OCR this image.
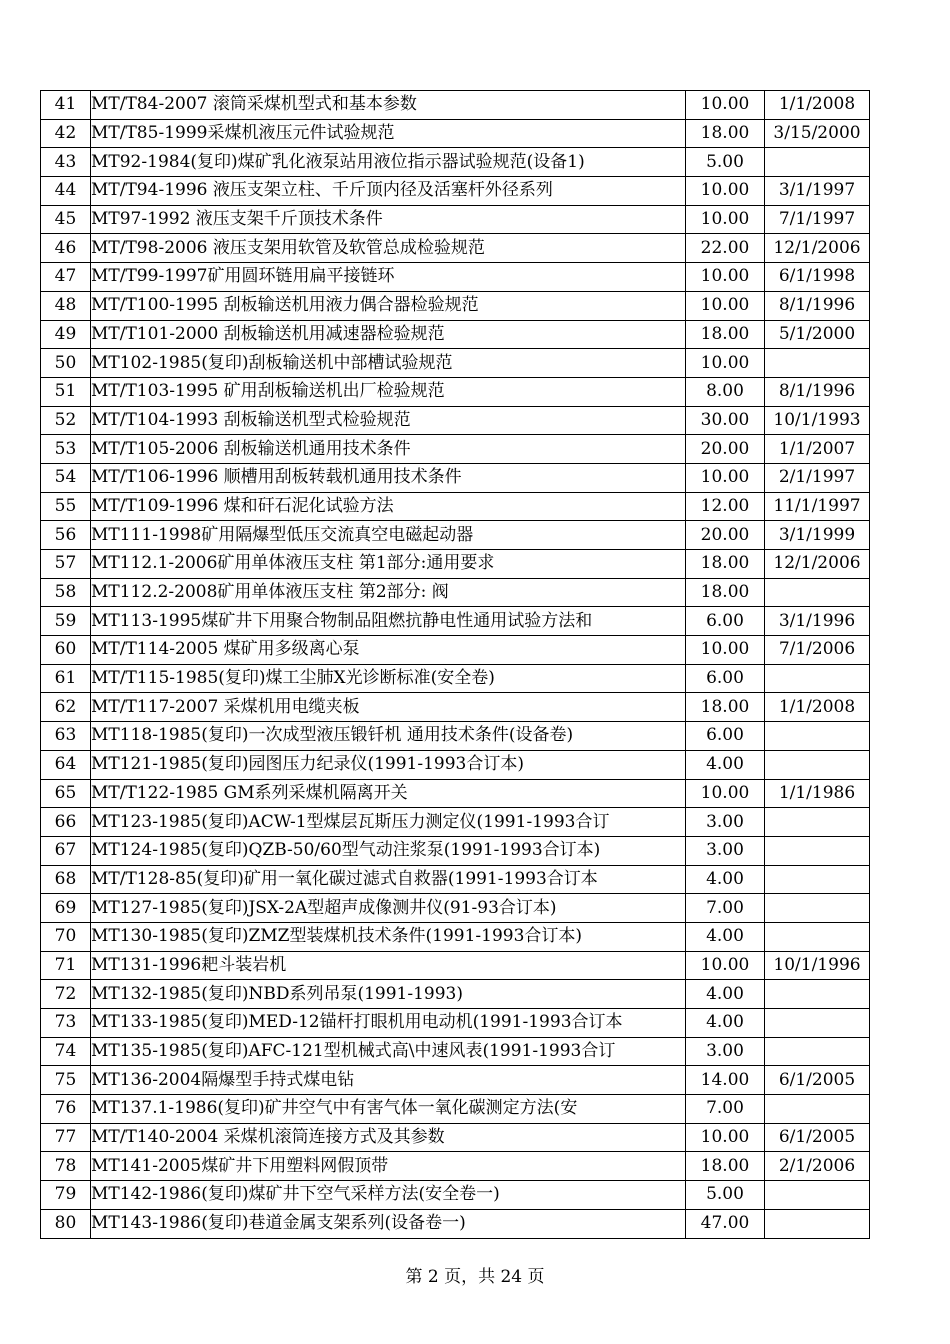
41	MT/T84-2007 滚筒采煤机型式和基本参数	10.00	1/1/2008
42	MT/T85-1999采煤机液压元件试验规范	18.00	3/15/2000
43	MT92-1984(复印)煤矿乳化液泵站用液位指示器试验规范(设备1)	5.00	
44	MT/T94-1996 液压支架立柱、千斤顶内径及活塞杆外径系列	10.00	3/1/1997
45	MT97-1992 液压支架千斤顶技术条件	10.00	7/1/1997
46	MT/T98-2006 液压支架用软管及软管总成检验规范	22.00	12/1/2006
47	MT/T99-1997矿用圆环链用扁平接链环	10.00	6/1/1998
48	MT/T100-1995 刮板输送机用液力偶合器检验规范	10.00	8/1/1996
49	MT/T101-2000 刮板输送机用减速器检验规范	18.00	5/1/2000
50	MT102-1985(复印)刮板输送机中部槽试验规范	10.00	
51	MT/T103-1995 矿用刮板输送机出厂检验规范	8.00	8/1/1996
52	MT/T104-1993 刮板输送机型式检验规范	30.00	10/1/1993
53	MT/T105-2006 刮板输送机通用技术条件	20.00	1/1/2007
54	MT/T106-1996 顺槽用刮板转载机通用技术条件	10.00	2/1/1997
55	MT/T109-1996 煤和矸石泥化试验方法	12.00	11/1/1997
56	MT111-1998矿用隔爆型低压交流真空电磁起动器	20.00	3/1/1999
57	MT112.1-2006矿用单体液压支柱 第1部分:通用要求	18.00	12/1/2006
58	MT112.2-2008矿用单体液压支柱 第2部分: 阀	18.00	
59	MT113-1995煤矿井下用聚合物制品阻燃抗静电性通用试验方法和	6.00	3/1/1996
60	MT/T114-2005 煤矿用多级离心泵	10.00	7/1/2006
61	MT/T115-1985(复印)煤工尘肺X光诊断标准(安全卷)	6.00	
62	MT/T117-2007 采煤机用电缆夹板	18.00	1/1/2008
63	MT118-1985(复印)一次成型液压锻钎机 通用技术条件(设备卷)	6.00	
64	MT121-1985(复印)园图压力纪录仪(1991-1993合订本)	4.00	
65	MT/T122-1985 GM系列采煤机隔离开关	10.00	1/1/1986
66	MT123-1985(复印)ACW-1型煤层瓦斯压力测定仪(1991-1993合订	3.00	
67	MT124-1985(复印)QZB-50/60型气动注浆泵(1991-1993合订本)	3.00	
68	MT/T128-85(复印)矿用一氧化碳过滤式自救器(1991-1993合订本	4.00	
69	MT127-1985(复印)JSX-2A型超声成像测井仪(91-93合订本)	7.00	
70	MT130-1985(复印)ZMZ型装煤机技术条件(1991-1993合订本)	4.00	
71	MT131-1996耙斗装岩机	10.00	10/1/1996
72	MT132-1985(复印)NBD系列吊泵(1991-1993)	4.00	
73	MT133-1985(复印)MED-12锚杆打眼机用电动机(1991-1993合订本	4.00	
74	MT135-1985(复印)AFC-121型机械式高\中速风表(1991-1993合订	3.00	
75	MT136-2004隔爆型手持式煤电钻	14.00	6/1/2005
76	MT137.1-1986(复印)矿井空气中有害气体一氧化碳测定方法(安	7.00	
77	MT/T140-2004 采煤机滚筒连接方式及其参数	10.00	6/1/2005
78	MT141-2005煤矿井下用塑料网假顶带	18.00	2/1/2006
79	MT142-1986(复印)煤矿井下空气采样方法(安全卷一)	5.00	
80	MT143-1986(复印)巷道金属支架系列(设备卷一)	47.00	
第 2 页，共 24 页
